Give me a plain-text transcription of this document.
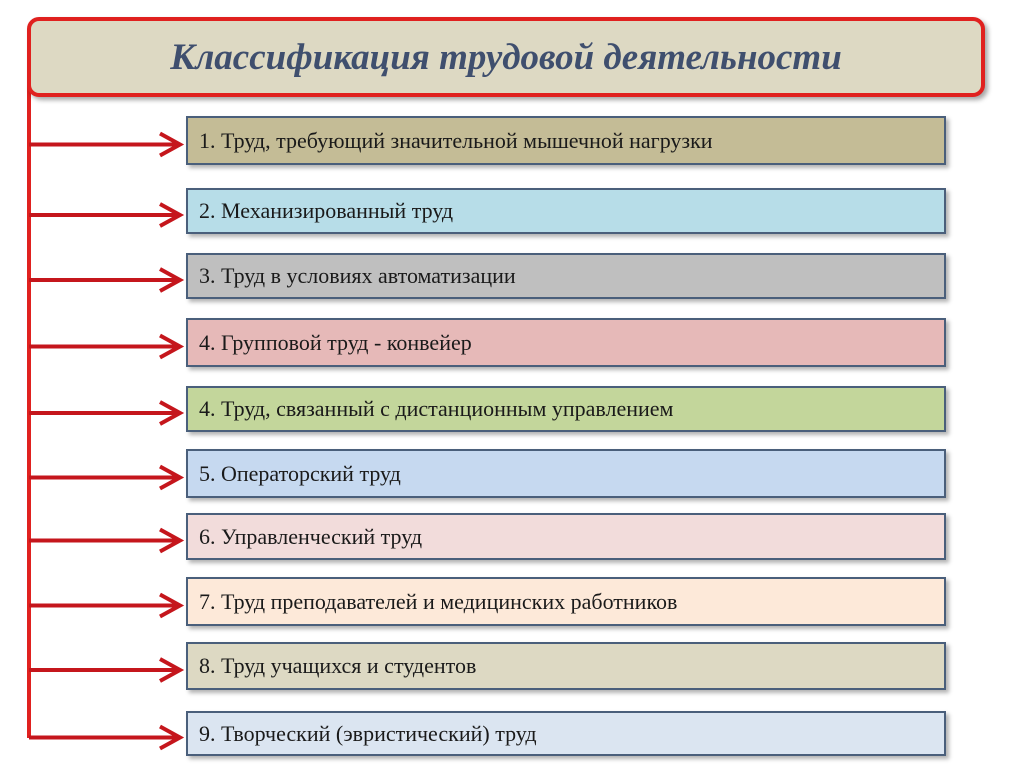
Классификация трудовой деятельности
1. Труд, требующий значительной мышечной нагрузки
2. Механизированный труд
3. Труд в условиях автоматизации
4. Групповой труд - конвейер
4. Труд, связанный с дистанционным управлением
5. Операторский труд
6. Управленческий труд
7. Труд преподавателей и медицинских работников
8. Труд учащихся и студентов
9. Творческий (эвристический) труд
